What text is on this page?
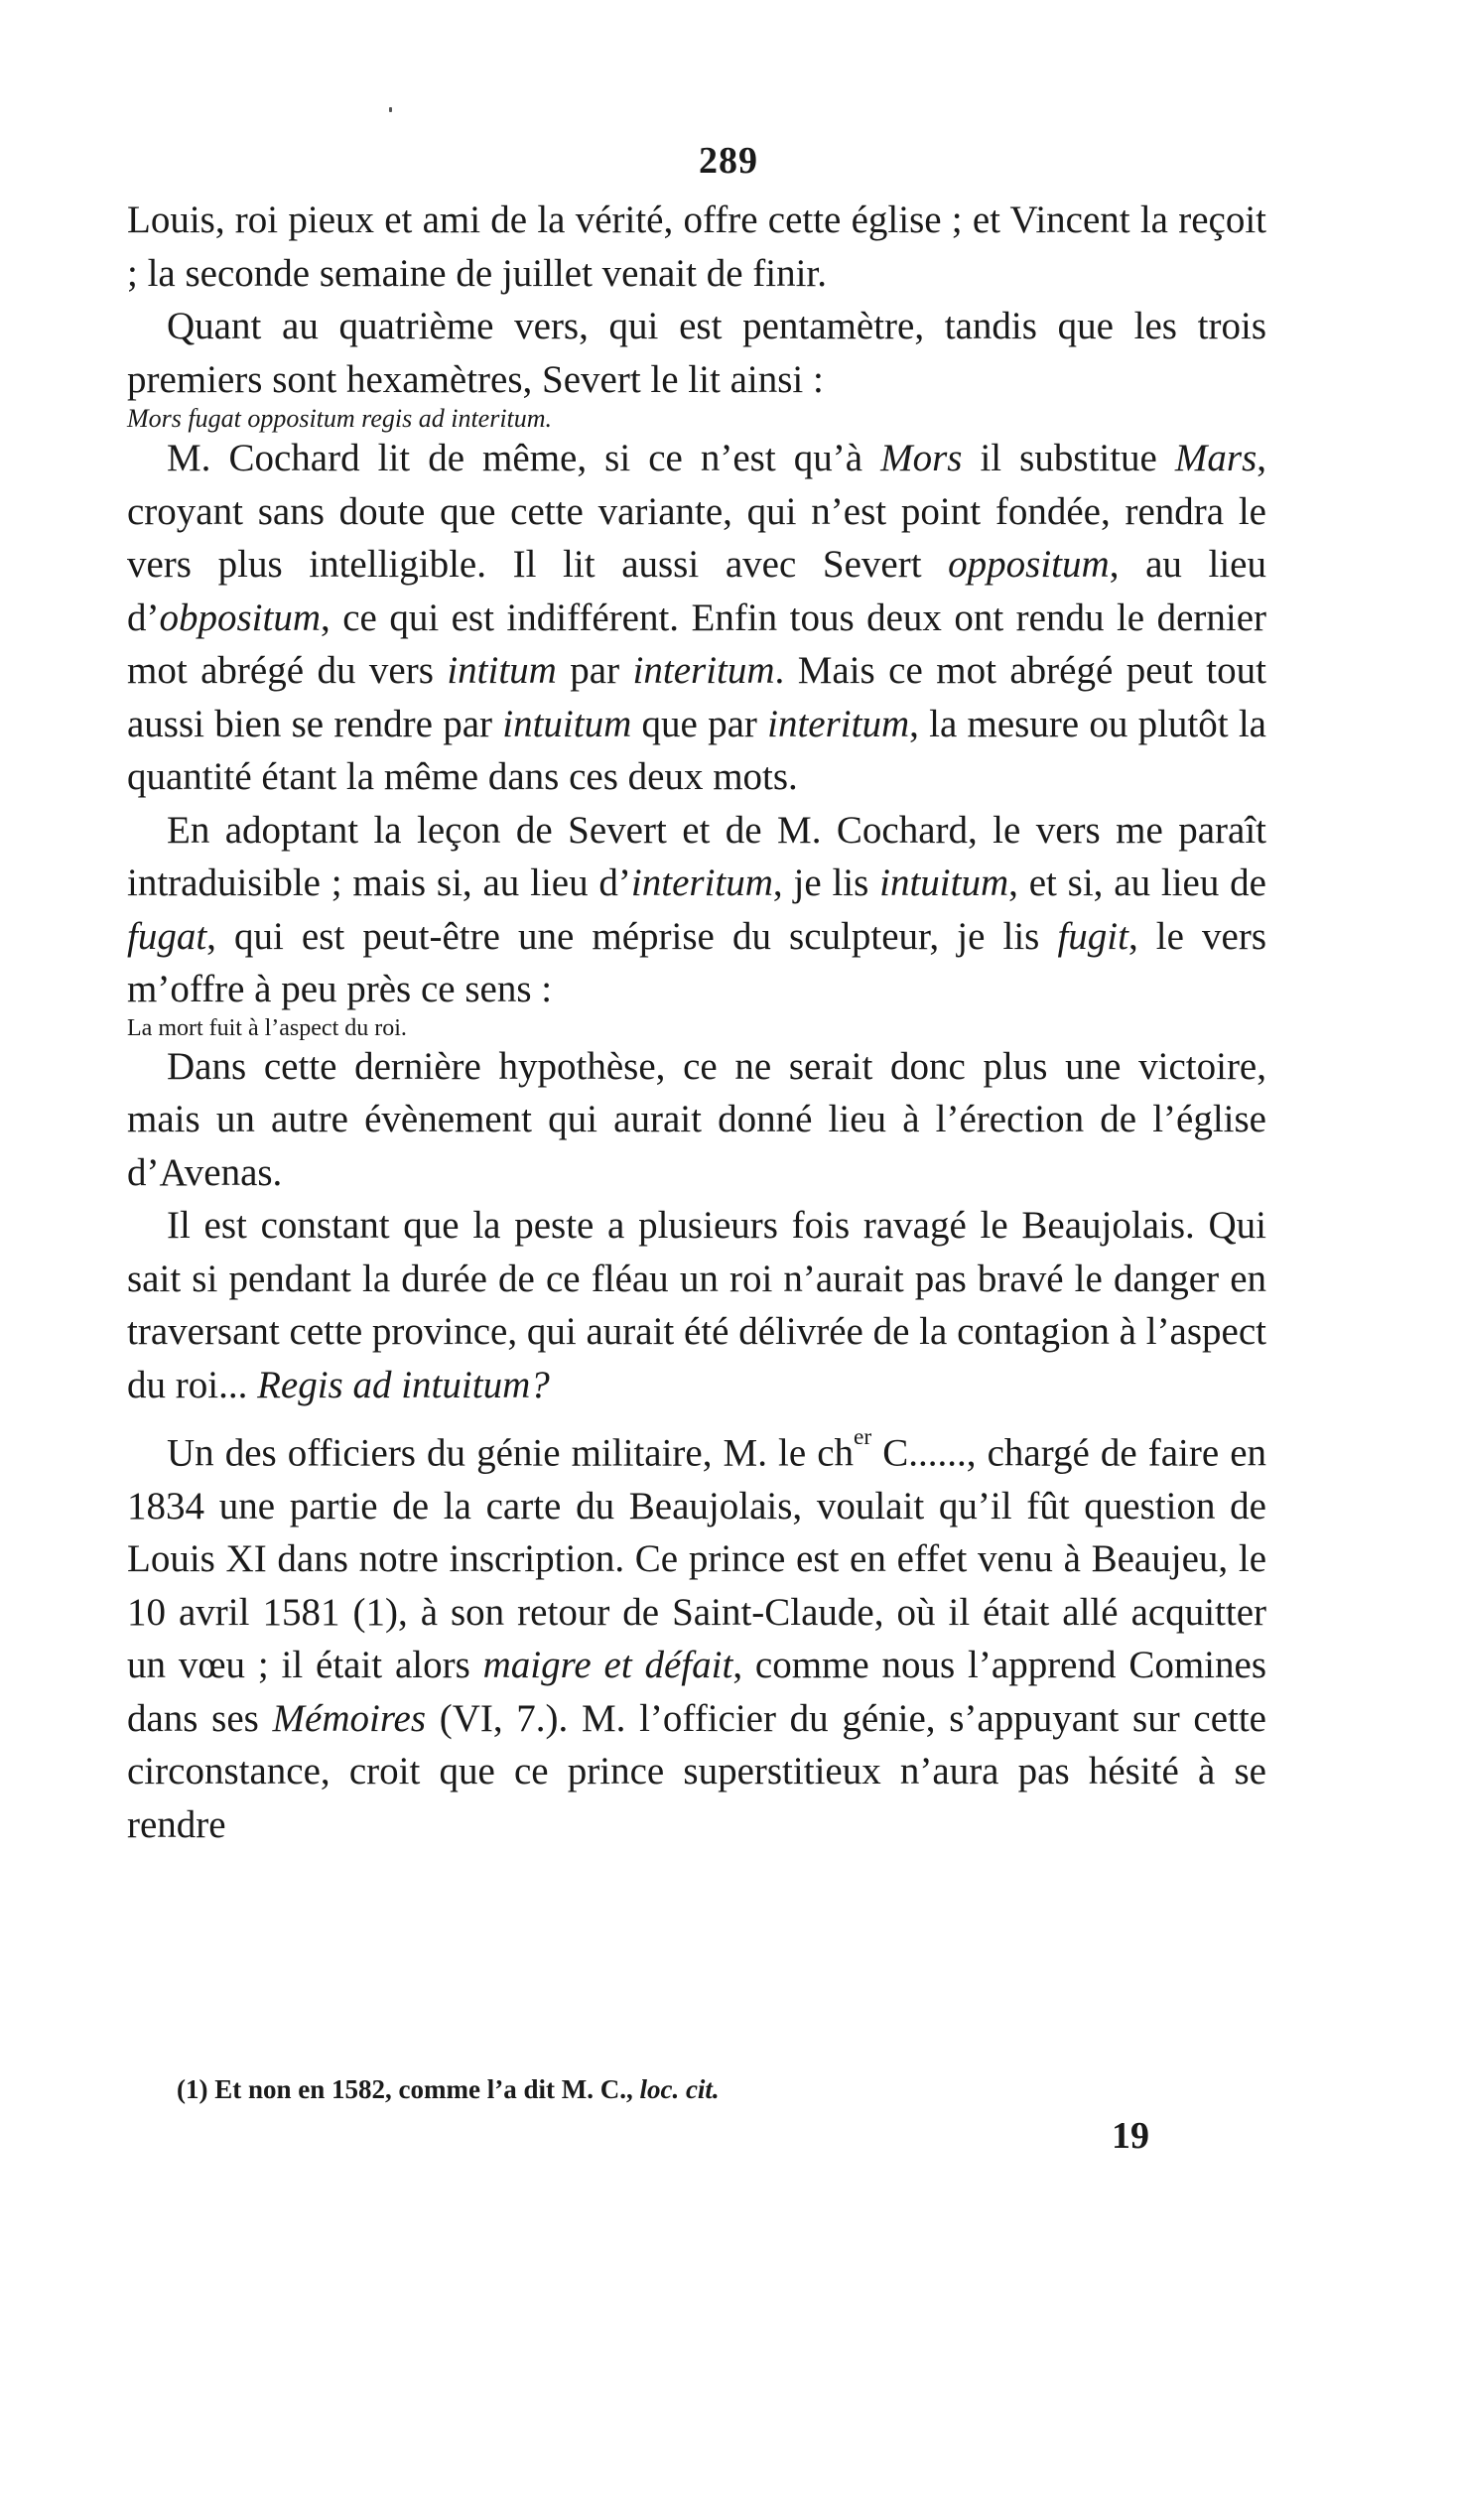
289

Louis, roi pieux et ami de la vérité, offre cette église ; et Vincent la reçoit ; la seconde semaine de juillet venait de finir.

Quant au quatrième vers, qui est pentamètre, tandis que les trois premiers sont hexamètres, Severt le lit ainsi :

Mors fugat oppositum regis ad interitum.

M. Cochard lit de même, si ce n’est qu’à Mors il substitue Mars, croyant sans doute que cette variante, qui n’est point fondée, rendra le vers plus intelligible. Il lit aussi avec Severt oppositum, au lieu d’obpositum, ce qui est indifférent. Enfin tous deux ont rendu le dernier mot abrégé du vers intitum par interitum. Mais ce mot abrégé peut tout aussi bien se rendre par intuitum que par interitum, la mesure ou plutôt la quantité étant la même dans ces deux mots.

En adoptant la leçon de Severt et de M. Cochard, le vers me paraît intraduisible ; mais si, au lieu d’interitum, je lis intuitum, et si, au lieu de fugat, qui est peut-être une méprise du sculpteur, je lis fugit, le vers m’offre à peu près ce sens :

La mort fuit à l’aspect du roi.

Dans cette dernière hypothèse, ce ne serait donc plus une victoire, mais un autre évènement qui aurait donné lieu à l’érection de l’église d’Avenas.

Il est constant que la peste a plusieurs fois ravagé le Beaujolais. Qui sait si pendant la durée de ce fléau un roi n’aurait pas bravé le danger en traversant cette province, qui aurait été délivrée de la contagion à l’aspect du roi... Regis ad intuitum?

Un des officiers du génie militaire, M. le $ch^{er}$ C......, chargé de faire en 1834 une partie de la carte du Beaujolais, voulait qu’il fût question de Louis XI dans notre inscription. Ce prince est en effet venu à Beaujeu, le 10 avril 1581 (1), à son retour de Saint-Claude, où il était allé acquitter un vœu ; il était alors maigre et défait, comme nous l’apprend Comines dans ses Mémoires (VI, 7.). M. l’officier du génie, s’appuyant sur cette circonstance, croit que ce prince superstitieux n’aura pas hésité à se rendre

(1) Et non en 1582, comme l’a dit M. C., loc. cit.
19
